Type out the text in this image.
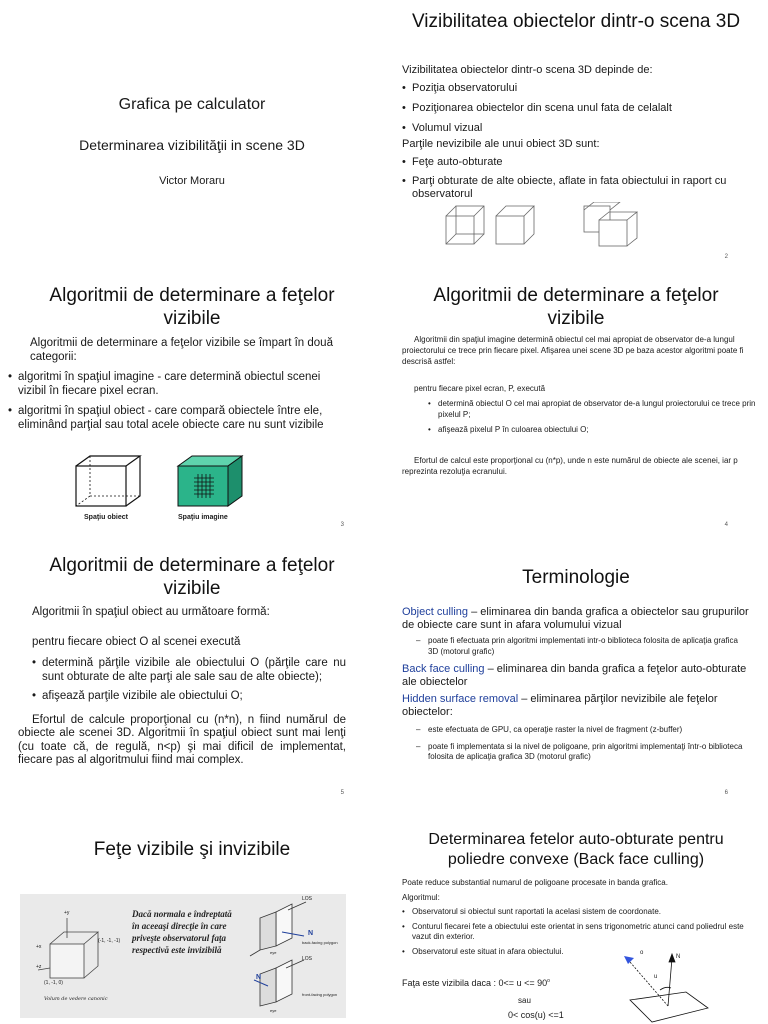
Grafica pe calculator
Determinarea vizibilităţii in scene 3D
Victor Moraru
Vizibilitatea obiectelor dintr-o scena 3D
Vizibilitatea obiectelor dintr-o scena 3D depinde de:
• Poziţia observatorului
• Poziţionarea obiectelor din scena unul fata de celalalt
• Volumul vizual
Parţile nevizibile ale unui obiect 3D sunt:
• Feţe auto-obturate
• Parţi obturate de alte obiecte, aflate in fata obiectului in raport cu observatorul
2
Algoritmii de determinare a feţelor vizibile
Algoritmii de determinare a feţelor vizibile se împart în două categorii:
• algoritmi în spaţiul imagine - care determină obiectul scenei vizibil în fiecare pixel ecran.
• algoritmi în spaţiul obiect - care compară obiectele între ele, eliminând parţial sau total acele obiecte care nu sunt vizibile
Spaţiu obiect	Spaţiu imagine
3
Algoritmii de determinare a feţelor vizibile
Algoritmii din spaţiul imagine determină obiectul cel mai apropiat de observator de-a lungul proiectorului ce trece prin fiecare pixel. Afişarea unei scene 3D pe baza acestor algoritmi poate fi descrisă astfel:
pentru fiecare pixel ecran, P, execută
• determină obiectul O cel mai apropiat de observator de-a lungul proiectorului ce trece prin pixelul P;
• afişează pixelul P în culoarea obiectului O;
Efortul de calcul este proporţional cu (n*p), unde n este numărul de obiecte ale scenei, iar p reprezinta rezoluţia ecranului.
4
Algoritmii de determinare a feţelor vizibile
Algoritmii în spaţiul obiect au următoare formă:
pentru fiecare obiect O al scenei execută
• determină părţile vizibile ale obiectului O (părţile care nu sunt obturate de alte parţi ale sale sau de alte obiecte);
• afişează parţile vizibile ale obiectului O;
Efortul de calcule proporţional cu (n*n), n fiind numărul de obiecte ale scenei 3D. Algoritmii în spaţiul obiect sunt mai lenţi (cu toate că, de regulă, n<p) şi mai dificil de implementat, fiecare pas al algoritmului fiind mai complex.
5
Terminologie
Object culling – eliminarea din banda grafica a obiectelor sau grupurilor de obiecte care sunt in afara volumului vizual
– poate fi efectuata prin algoritmi implementati intr-o biblioteca folosita de aplicaţia grafica 3D (motorul grafic)
Back face culling – eliminarea din banda grafica a feţelor auto-obturate ale obiectelor
Hidden surface removal – eliminarea părţilor nevizibile ale feţelor obiectelor:
– este efectuata de GPU, ca operaţie raster la nivel de fragment (z-buffer)
– poate fi implementata si la nivel de poligoane, prin algoritmi implementaţi într-o biblioteca folosita de aplicaţia grafica 3D (motorul grafic)
6
Feţe vizibile şi invizibile
+y
+x
+z
(-1, -1, -1)
(1, -1, 0)
Volum de vedere canonic
Dacă normala e îndreptată în aceeaşi direcţie în care priveşte observatorul faţa respectivă este invizibilă
LOS
LOS
N
N
back-facing polygon
front-facing polygon
eye
eye
Determinarea fetelor auto-obturate pentru poliedre convexe (Back face culling)
Poate reduce substantial numarul de poligoane procesate in banda grafica.
Algoritmul:
• Observatorul si obiectul sunt raportati la acelasi sistem de coordonate.
• Conturul fiecarei fete a obiectului este orientat in sens trigonometric atunci cand poliedrul este vazut din exterior.
• Observatorul este situat in afara obiectului.
Faţa este vizibila daca : $0<= u <= 90^o$
sau
0< cos(u) <=1
o
N
u
